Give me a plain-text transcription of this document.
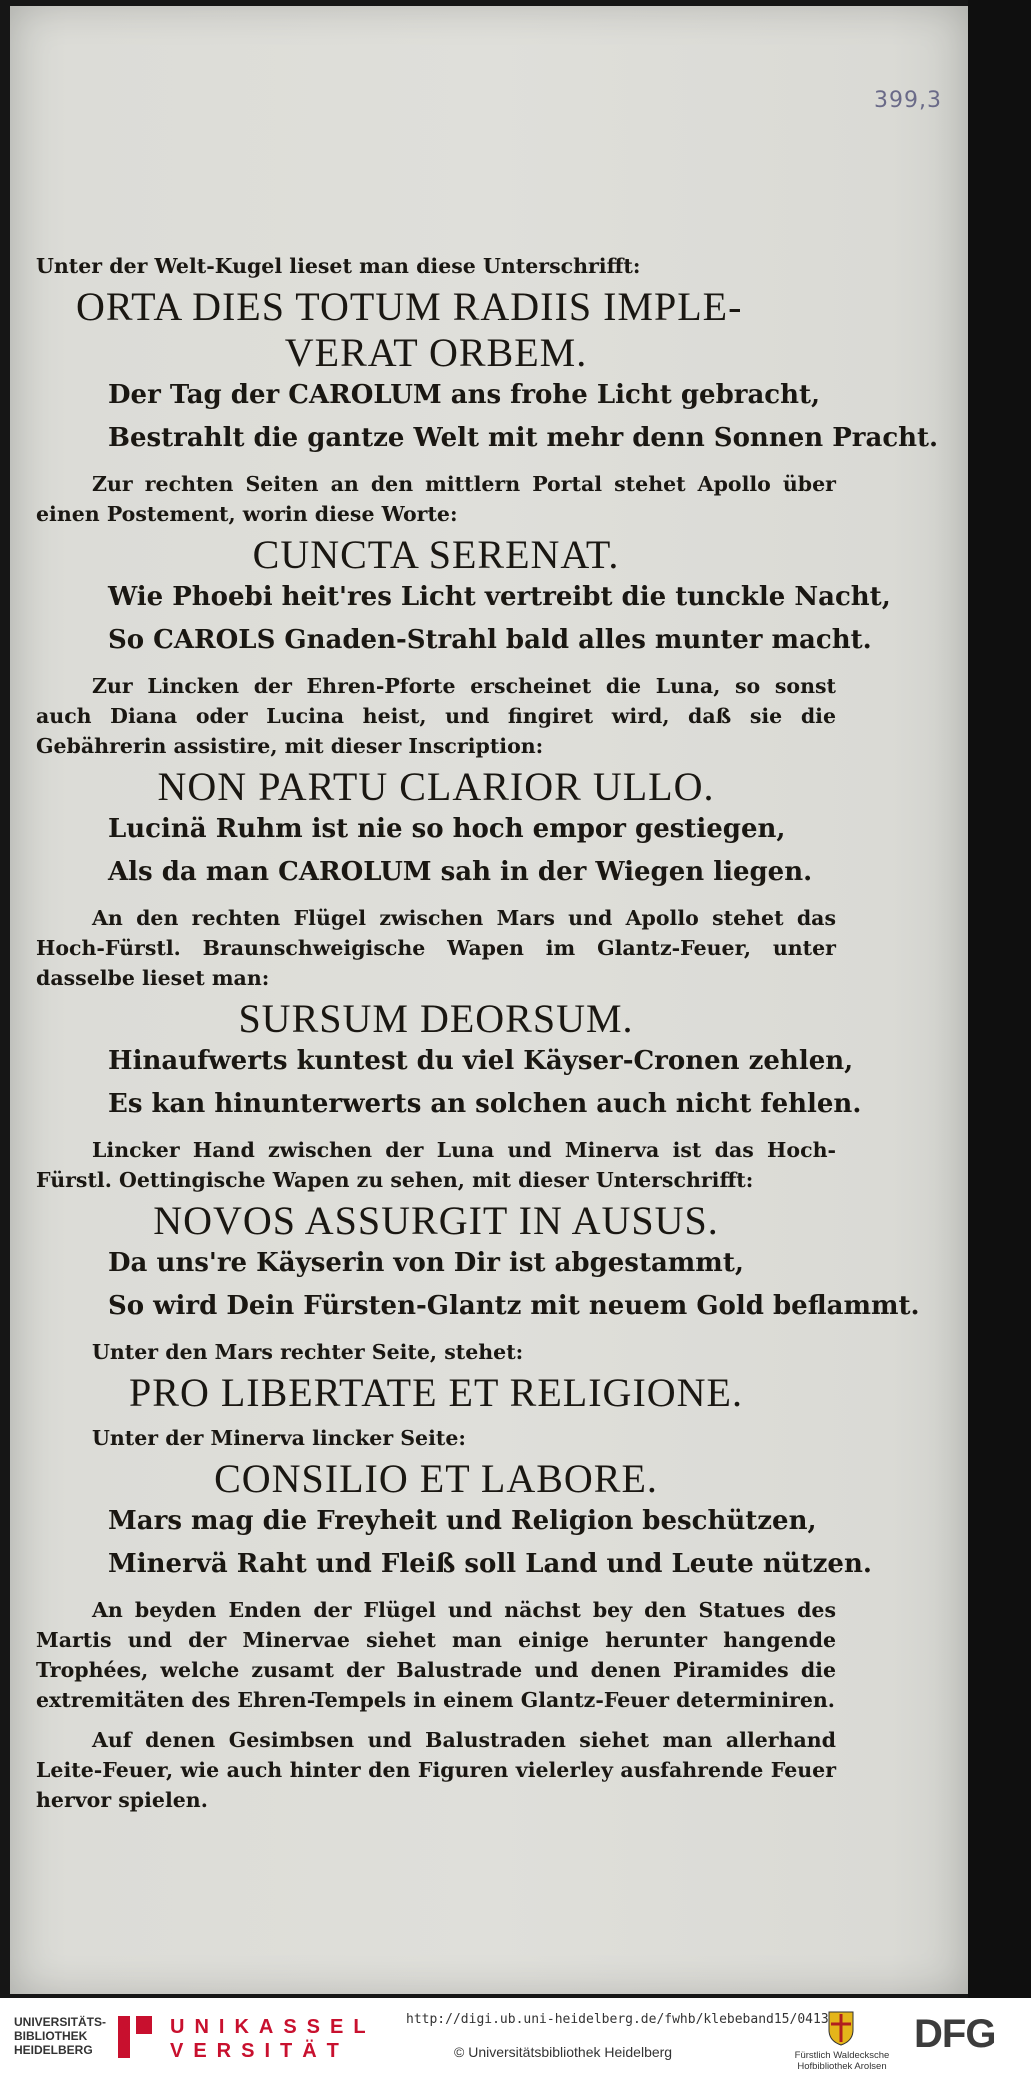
399,3

Unter der Welt-Kugel lieset man diese Unterschrifft:

ORTA DIES TOTUM RADIIS IMPLE-

VERAT ORBEM.

Der Tag der CAROLUM ans frohe Licht gebracht,

Bestrahlt die gantze Welt mit mehr denn Sonnen Pracht.

Zur rechten Seiten an den mittlern Portal stehet Apollo über einen Postement, worin diese Worte:

CUNCTA SERENAT.

Wie Phoebi heit'res Licht vertreibt die tunckle Nacht,

So CAROLS Gnaden-Strahl bald alles munter macht.

Zur Lincken der Ehren-Pforte erscheinet die Luna, so sonst auch Diana oder Lucina heist, und fingiret wird, daß sie die Gebährerin assistire, mit dieser Inscription:

NON PARTU CLARIOR ULLO.

Lucinä Ruhm ist nie so hoch empor gestiegen,

Als da man CAROLUM sah in der Wiegen liegen.

An den rechten Flügel zwischen Mars und Apollo stehet das Hoch-Fürstl. Braunschweigische Wapen im Glantz-Feuer, unter dasselbe lieset man:

SURSUM DEORSUM.

Hinaufwerts kuntest du viel Käyser-Cronen zehlen,

Es kan hinunterwerts an solchen auch nicht fehlen.

Lincker Hand zwischen der Luna und Minerva ist das Hoch-Fürstl. Oettingische Wapen zu sehen, mit dieser Unterschrifft:

NOVOS ASSURGIT IN AUSUS.

Da uns're Käyserin von Dir ist abgestammt,

So wird Dein Fürsten-Glantz mit neuem Gold beflammt.

Unter den Mars rechter Seite, stehet:

PRO LIBERTATE ET RELIGIONE.

Unter der Minerva lincker Seite:

CONSILIO ET LABORE.

Mars mag die Freyheit und Religion beschützen,

Minervä Raht und Fleiß soll Land und Leute nützen.

An beyden Enden der Flügel und nächst bey den Statues des Martis und der Minervae siehet man einige herunter hangende Trophées, welche zusamt der Balustrade und denen Piramides die extremitäten des Ehren-Tempels in einem Glantz-Feuer determiniren.

Auf denen Gesimbsen und Balustraden siehet man allerhand Leite-Feuer, wie auch hinter den Figuren vielerley ausfahrende Feuer hervor spielen.

UNIVERSITÄTS-BIBLIOTHEK HEIDELBERG
UNIKASSEL
VERSITÄT
http://digi.ub.uni-heidelberg.de/fwhb/klebeband15/0413
© Universitätsbibliothek Heidelberg	Fürstlich Waldecksche Hofbibliothek Arolsen
DFG
